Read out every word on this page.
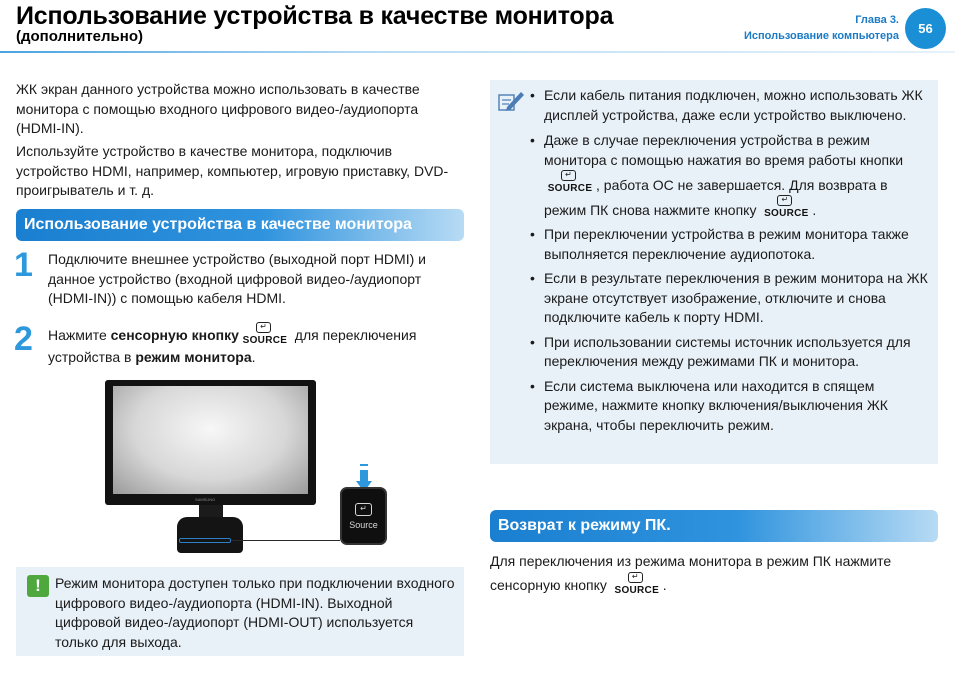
Использование устройства в качестве монитора
(дополнительно)
Глава 3.
Использование компьютера	56
ЖК экран данного устройства можно использовать в качестве монитора с помощью входного цифрового видео-/аудиопорта (HDMI-IN).
Используйте устройство в качестве монитора, подключив устройство HDMI, например, компьютер, игровую приставку, DVD-проигрыватель и т. д.
Использование устройства в качестве монитора
1 Подключите внешнее устройство (выходной порт HDMI) и данное устройство (входной цифровой видео-/аудиопорт (HDMI-IN)) с помощью кабеля HDMI.
2 Нажмите сенсорную кнопку
↵
SOURCE для переключения устройства в режим монитора.
SAMSUNG
↵
Source
!	Режим монитора доступен только при подключении входного цифрового видео-/аудиопорта (HDMI-IN). Выходной цифровой видео-/аудиопорт (HDMI-OUT) используется только для выхода.
• Если кабель питания подключен, можно использовать ЖК дисплей устройства, даже если устройство выключено.
• Даже в случае переключения устройства в режим монитора с помощью нажатия во время работы кнопки
↵
SOURCE , работа ОС не завершается. Для возврата в режим ПК снова нажмите кнопку
↵
SOURCE .
• При переключении устройства в режим монитора также выполняется переключение аудиопотока.
• Если в результате переключения в режим монитора на ЖК экране отсутствует изображение, отключите и снова подключите кабель к порту HDMI.
• При использовании системы источник используется для переключения между режимами ПК и монитора.
• Если система выключена или находится в спящем режиме, нажмите кнопку включения/выключения ЖК экрана, чтобы переключить режим.
Возврат к режиму ПК.
Для переключения из режима монитора в режим ПК нажмите сенсорную кнопку
↵
SOURCE .
